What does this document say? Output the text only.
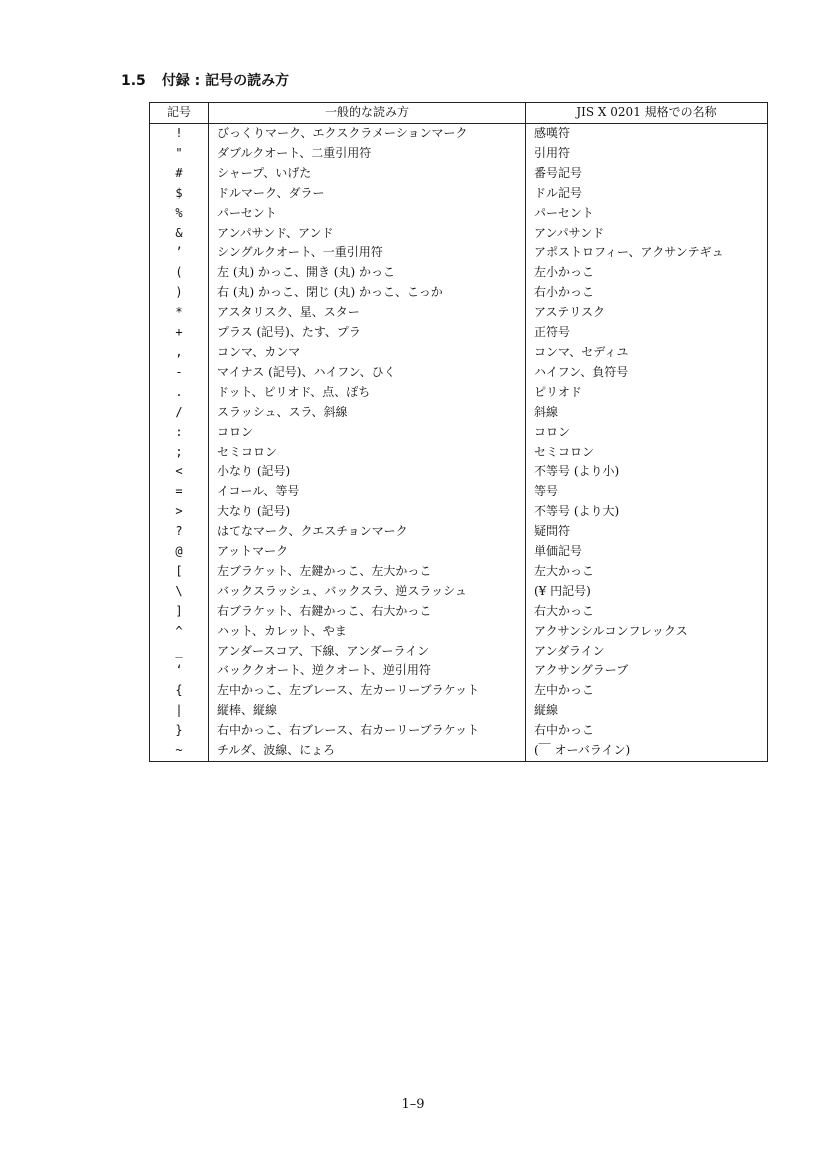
1.5 付録 : 記号の読み方
記号	一般的な読み方	JIS X 0201 規格での名称
!	びっくりマーク、エクスクラメーションマーク	感嘆符
"	ダブルクオート、二重引用符	引用符
#	シャープ、いげた	番号記号
$	ドルマーク、ダラー	ドル記号
%	パーセント	パーセント
&	アンパサンド、アンド	アンパサンド
’	シングルクオート、一重引用符	アポストロフィー、アクサンテギュ
(	左 (丸) かっこ、開き (丸) かっこ	左小かっこ
)	右 (丸) かっこ、閉じ (丸) かっこ、こっか	右小かっこ
*	アスタリスク、星、スター	アステリスク
+	プラス (記号)、たす、プラ	正符号
,	コンマ、カンマ	コンマ、セディユ
-	マイナス (記号)、ハイフン、ひく	ハイフン、負符号
.	ドット、ピリオド、点、ぽち	ピリオド
/	スラッシュ、スラ、斜線	斜線
:	コロン	コロン
;	セミコロン	セミコロン
<	小なり (記号)	不等号 (より小)
=	イコール、等号	等号
>	大なり (記号)	不等号 (より大)
?	はてなマーク、クエスチョンマーク	疑問符
@	アットマーク	単価記号
[	左ブラケット、左鍵かっこ、左大かっこ	左大かっこ
\	バックスラッシュ、バックスラ、逆スラッシュ	(¥ 円記号)
]	右ブラケット、右鍵かっこ、右大かっこ	右大かっこ
^	ハット、カレット、やま	アクサンシルコンフレックス
_	アンダースコア、下線、アンダーライン	アンダライン
‘	バッククオート、逆クオート、逆引用符	アクサングラーブ
{	左中かっこ、左ブレース、左カーリーブラケット	左中かっこ
|	縦棒、縦線	縦線
}	右中かっこ、右ブレース、右カーリーブラケット	右中かっこ
~	チルダ、波線、にょろ	(￣ オーバライン)
1–9
